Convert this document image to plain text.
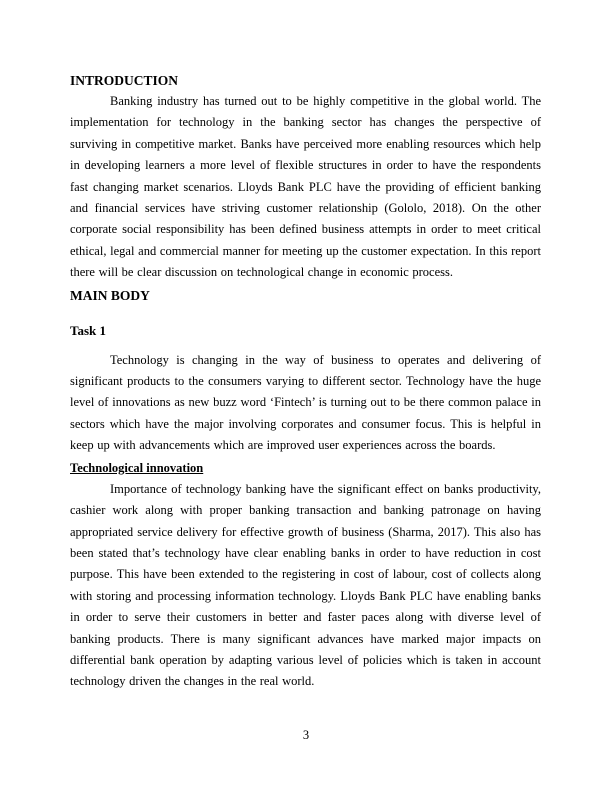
INTRODUCTION

Banking industry has turned out to be highly competitive in the global world. The implementation for technology in the banking sector has changes the perspective of surviving in competitive market. Banks have perceived more enabling resources which help in developing learners a more level of flexible structures in order to have the respondents fast changing market scenarios. Lloyds Bank PLC have the providing of efficient banking and financial services have striving customer relationship (Gololo, 2018). On the other corporate social responsibility has been defined business attempts in order to meet critical ethical, legal and commercial manner for meeting up the customer expectation. In this report there will be clear discussion on technological change in economic process.

MAIN BODY
Task 1

Technology is changing in the way of business to operates and delivering of significant products to the consumers varying to different sector. Technology have the huge level of innovations as new buzz word ‘Fintech’ is turning out to be there common palace in sectors which have the major involving corporates and consumer focus. This is helpful in keep up with advancements which are improved user experiences across the boards.

Technological innovation

Importance of technology banking have the significant effect on banks productivity, cashier work along with proper banking transaction and banking patronage on having appropriated service delivery for effective growth of business (Sharma, 2017). This also has been stated that’s technology have clear enabling banks in order to have reduction in cost purpose. This have been extended to the registering in cost of labour, cost of collects along with storing and processing information technology. Lloyds Bank PLC have enabling banks in order to serve their customers in better and faster paces along with diverse level of banking products. There is many significant advances have marked major impacts on differential bank operation by adapting various level of policies which is taken in account technology driven the changes in the real world.

3
